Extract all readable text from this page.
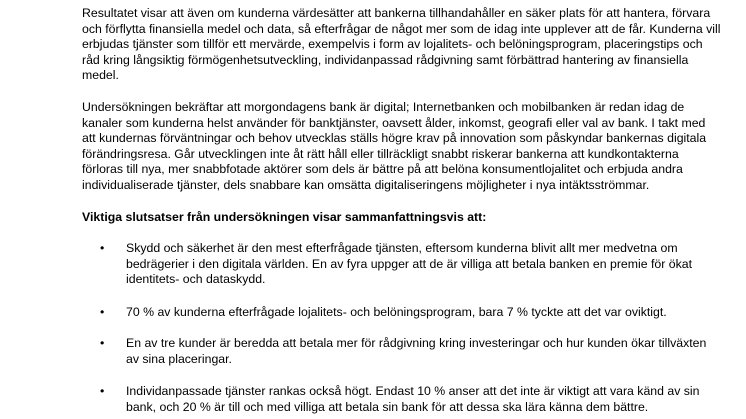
Resultatet visar att även om kunderna värdesätter att bankerna tillhandahåller en säker plats för att hantera, förvara och förflytta finansiella medel och data, så efterfrågar de något mer som de idag inte upplever att de får. Kunderna vill erbjudas tjänster som tillför ett mervärde, exempelvis i form av lojalitets- och belöningsprogram, placeringstips och råd kring långsiktig förmögenhetsutveckling, individanpassad rådgivning samt förbättrad hantering av finansiella medel.

Undersökningen bekräftar att morgondagens bank är digital; Internetbanken och mobilbanken är redan idag de kanaler som kunderna helst använder för banktjänster, oavsett ålder, inkomst, geografi eller val av bank. I takt med att kundernas förväntningar och behov utvecklas ställs högre krav på innovation som påskyndar bankernas digitala förändringsresa. Går utvecklingen inte åt rätt håll eller tillräckligt snabbt riskerar bankerna att kundkontakterna förloras till nya, mer snabbfotade aktörer som dels är bättre på att belöna konsumentlojalitet och erbjuda andra individualiserade tjänster, dels snabbare kan omsätta digitaliseringens möjligheter i nya intäktsströmmar.

Viktiga slutsatser från undersökningen visar sammanfattningsvis att:

• Skydd och säkerhet är den mest efterfrågade tjänsten, eftersom kunderna blivit allt mer medvetna om bedrägerier i den digitala världen. En av fyra uppger att de är villiga att betala banken en premie för ökat identitets- och dataskydd.

• 70 % av kunderna efterfrågade lojalitets- och belöningsprogram, bara 7 % tyckte att det var oviktigt.

• En av tre kunder är beredda att betala mer för rådgivning kring investeringar och hur kunden ökar tillväxten av sina placeringar.

• Individanpassade tjänster rankas också högt. Endast 10 % anser att det inte är viktigt att vara känd av sin bank, och 20 % är till och med villiga att betala sin bank för att dessa ska lära känna dem bättre.
